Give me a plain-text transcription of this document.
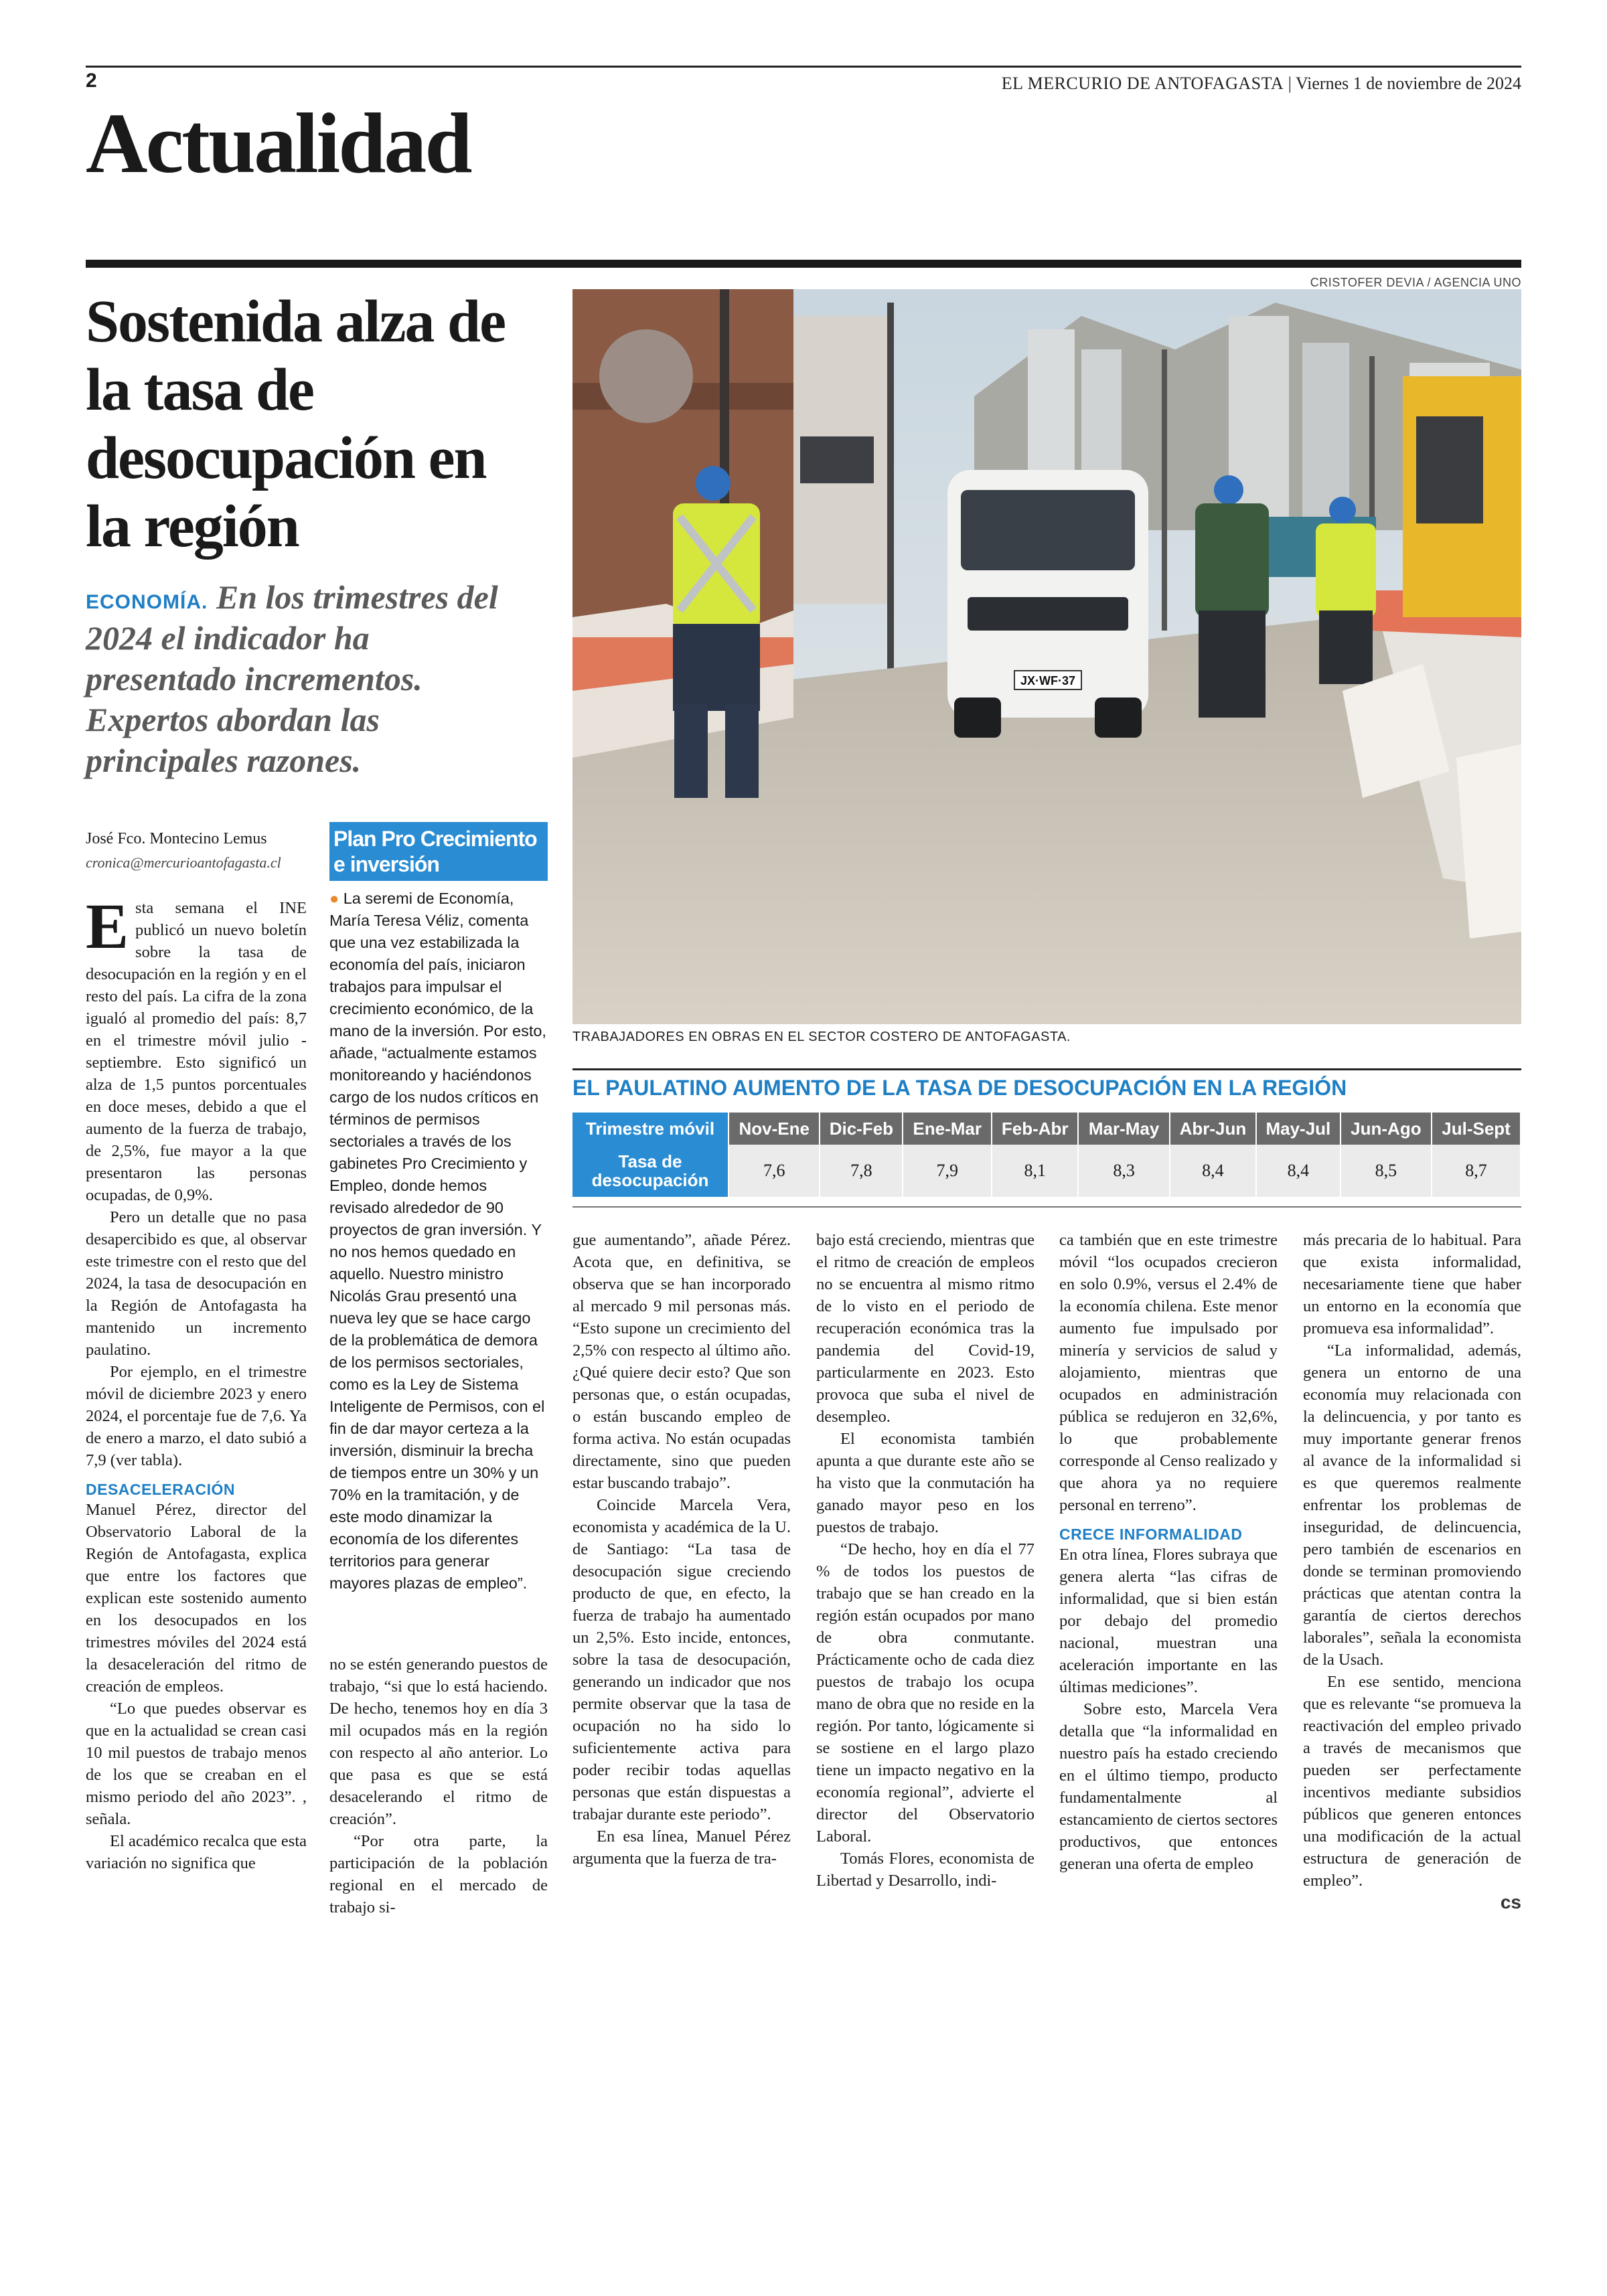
2	EL MERCURIO DE ANTOFAGASTA | Viernes 1 de noviembre de 2024
Actualidad
Sostenida alza de la tasa de desocupación en la región
ECONOMÍA. En los trimestres del 2024 el indicador ha presentado incrementos. Expertos abordan las principales razones.
CRISTOFER DEVIA / AGENCIA UNO
JX·WF·37
TRABAJADORES EN OBRAS EN EL SECTOR COSTERO DE ANTOFAGASTA.
EL PAULATINO AUMENTO DE LA TASA DE DESOCUPACIÓN EN LA REGIÓN
Trimestre móvil	Nov-Ene	Dic-Feb	Ene-Mar	Feb-Abr	Mar-May	Abr-Jun	May-Jul	Jun-Ago	Jul-Sept
Tasa de desocupación	7,6	7,8	7,9	8,1	8,3	8,4	8,4	8,5	8,7
José Fco. Montecino Lemus
cronica@mercurioantofagasta.cl
E sta semana el INE publicó un nuevo boletín sobre la tasa de desocupación en la región y en el resto del país. La cifra de la zona igualó al promedio del país: 8,7 en el trimestre móvil julio - septiembre. Esto significó un alza de 1,5 puntos porcentuales en doce meses, debido a que el aumento de la fuerza de trabajo, de 2,5%, fue mayor a la que presentaron las personas ocupadas, de 0,9%.

Pero un detalle que no pasa desapercibido es que, al observar este trimestre con el resto que del 2024, la tasa de desocupación en la Región de Antofagasta ha mantenido un incremento paulatino.

Por ejemplo, en el trimestre móvil de diciembre 2023 y enero 2024, el porcentaje fue de 7,6. Ya de enero a marzo, el dato subió a 7,9 (ver tabla).

DESACELERACIÓN

Manuel Pérez, director del Observatorio Laboral de la Región de Antofagasta, explica que entre los factores que explican este sostenido aumento en los desocupados en los trimestres móviles del 2024 está la desaceleración del ritmo de creación de empleos.

“Lo que puedes observar es que en la actualidad se crean casi 10 mil puestos de trabajo menos de los que se creaban en el mismo periodo del año 2023”. , señala.

El académico recalca que esta variación no significa que

Plan Pro Crecimiento e inversión
● La seremi de Economía, María Teresa Véliz, comenta que una vez estabilizada la economía del país, iniciaron trabajos para impulsar el crecimiento económico, de la mano de la inversión. Por esto, añade, “actualmente estamos monitoreando y haciéndonos cargo de los nudos críticos en términos de permisos sectoriales a través de los gabinetes Pro Crecimiento y Empleo, donde hemos revisado alrededor de 90 proyectos de gran inversión. Y no nos hemos quedado en aquello. Nuestro ministro Nicolás Grau presentó una nueva ley que se hace cargo de la problemática de demora de los permisos sectoriales, como es la Ley de Sistema Inteligente de Permisos, con el fin de dar mayor certeza a la inversión, disminuir la brecha de tiempos entre un 30% y un 70% en la tramitación, y de este modo dinamizar la economía de los diferentes territorios para generar mayores plazas de empleo”.

no se estén generando puestos de trabajo, “si que lo está haciendo. De hecho, tenemos hoy en día 3 mil ocupados más en la región con respecto al año anterior. Lo que pasa es que se está desacelerando el ritmo de creación”.

“Por otra parte, la participación de la población regional en el mercado de trabajo si-

gue aumentando”, añade Pérez. Acota que, en definitiva, se observa que se han incorporado al mercado 9 mil personas más. “Esto supone un crecimiento del 2,5% con respecto al último año. ¿Qué quiere decir esto? Que son personas que, o están ocupadas, o están buscando empleo de forma activa. No están ocupadas directamente, sino que pueden estar buscando trabajo”.

Coincide Marcela Vera, economista y académica de la U. de Santiago: “La tasa de desocupación sigue creciendo producto de que, en efecto, la fuerza de trabajo ha aumentado un 2,5%. Esto incide, entonces, sobre la tasa de desocupación, generando un indicador que nos permite observar que la tasa de ocupación no ha sido lo suficientemente activa para poder recibir todas aquellas personas que están dispuestas a trabajar durante este periodo”.

En esa línea, Manuel Pérez argumenta que la fuerza de tra-

bajo está creciendo, mientras que el ritmo de creación de empleos no se encuentra al mismo ritmo de lo visto en el periodo de recuperación económica tras la pandemia del Covid-19, particularmente en 2023. Esto provoca que suba el nivel de desempleo.

El economista también apunta a que durante este año se ha visto que la conmutación ha ganado mayor peso en los puestos de trabajo.

“De hecho, hoy en día el 77 % de todos los puestos de trabajo que se han creado en la región están ocupados por mano de obra conmutante. Prácticamente ocho de cada diez puestos de trabajo los ocupa mano de obra que no reside en la región. Por tanto, lógicamente si se sostiene en el largo plazo tiene un impacto negativo en la economía regional”, advierte el director del Observatorio Laboral.

Tomás Flores, economista de Libertad y Desarrollo, indi-

ca también que en este trimestre móvil “los ocupados crecieron en solo 0.9%, versus el 2.4% de la economía chilena. Este menor aumento fue impulsado por minería y servicios de salud y alojamiento, mientras que ocupados en administración pública se redujeron en 32,6%, lo que probablemente corresponde al Censo realizado y que ahora ya no requiere personal en terreno”.

CRECE INFORMALIDAD

En otra línea, Flores subraya que genera alerta “las cifras de informalidad, que si bien están por debajo del promedio nacional, muestran una aceleración importante en las últimas mediciones”.

Sobre esto, Marcela Vera detalla que “la informalidad en nuestro país ha estado creciendo en el último tiempo, producto fundamentalmente al estancamiento de ciertos sectores productivos, que entonces generan una oferta de empleo

más precaria de lo habitual. Para que exista informalidad, necesariamente tiene que haber un entorno en la economía que promueva esa informalidad”.

“La informalidad, además, genera un entorno de una economía muy relacionada con la delincuencia, y por tanto es muy importante generar frenos al avance de la informalidad si es que queremos realmente enfrentar los problemas de inseguridad, de delincuencia, pero también de escenarios en donde se terminan promoviendo prácticas que atentan contra la garantía de ciertos derechos laborales”, señala la economista de la Usach.

En ese sentido, menciona que es relevante “se promueva la reactivación del empleo privado a través de mecanismos que pueden ser perfectamente incentivos mediante subsidios públicos que generen entonces una modificación de la actual estructura de generación de empleo”.

cs
